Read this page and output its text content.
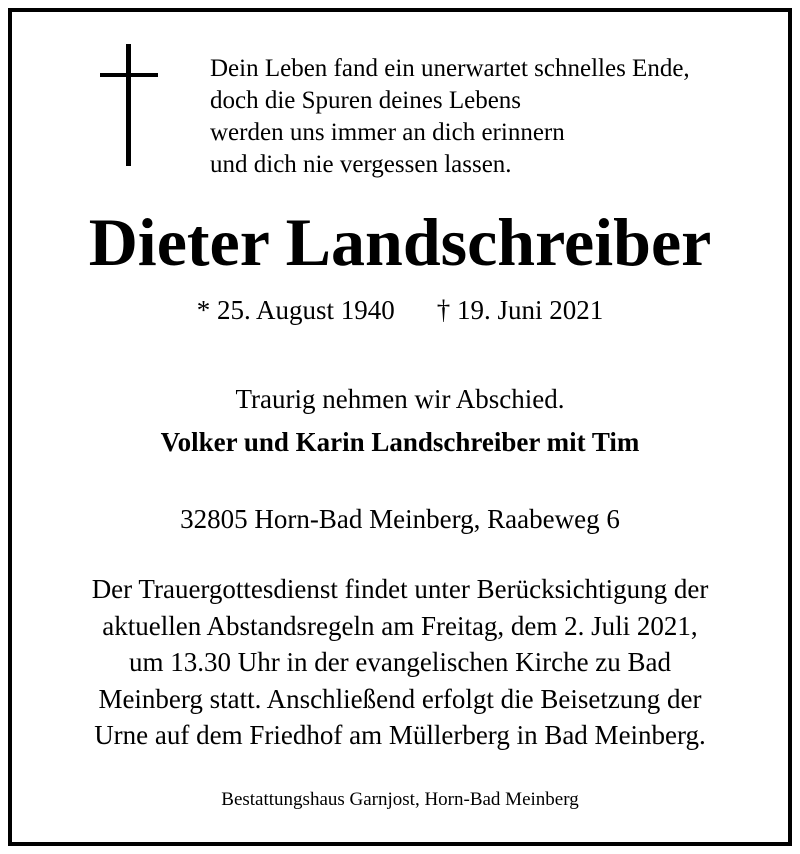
Dein Leben fand ein unerwartet schnelles Ende,
doch die Spuren deines Lebens
werden uns immer an dich erinnern
und dich nie vergessen lassen.
Dieter Landschreiber
* 25. August 1940 † 19. Juni 2021
Traurig nehmen wir Abschied.
Volker und Karin Landschreiber mit Tim
32805 Horn-Bad Meinberg, Raabeweg 6
Der Trauergottesdienst findet unter Berücksichtigung der
aktuellen Abstandsregeln am Freitag, dem 2. Juli 2021,
um 13.30 Uhr in der evangelischen Kirche zu Bad
Meinberg statt. Anschließend erfolgt die Beisetzung der
Urne auf dem Friedhof am Müllerberg in Bad Meinberg.
Bestattungshaus Garnjost, Horn-Bad Meinberg
